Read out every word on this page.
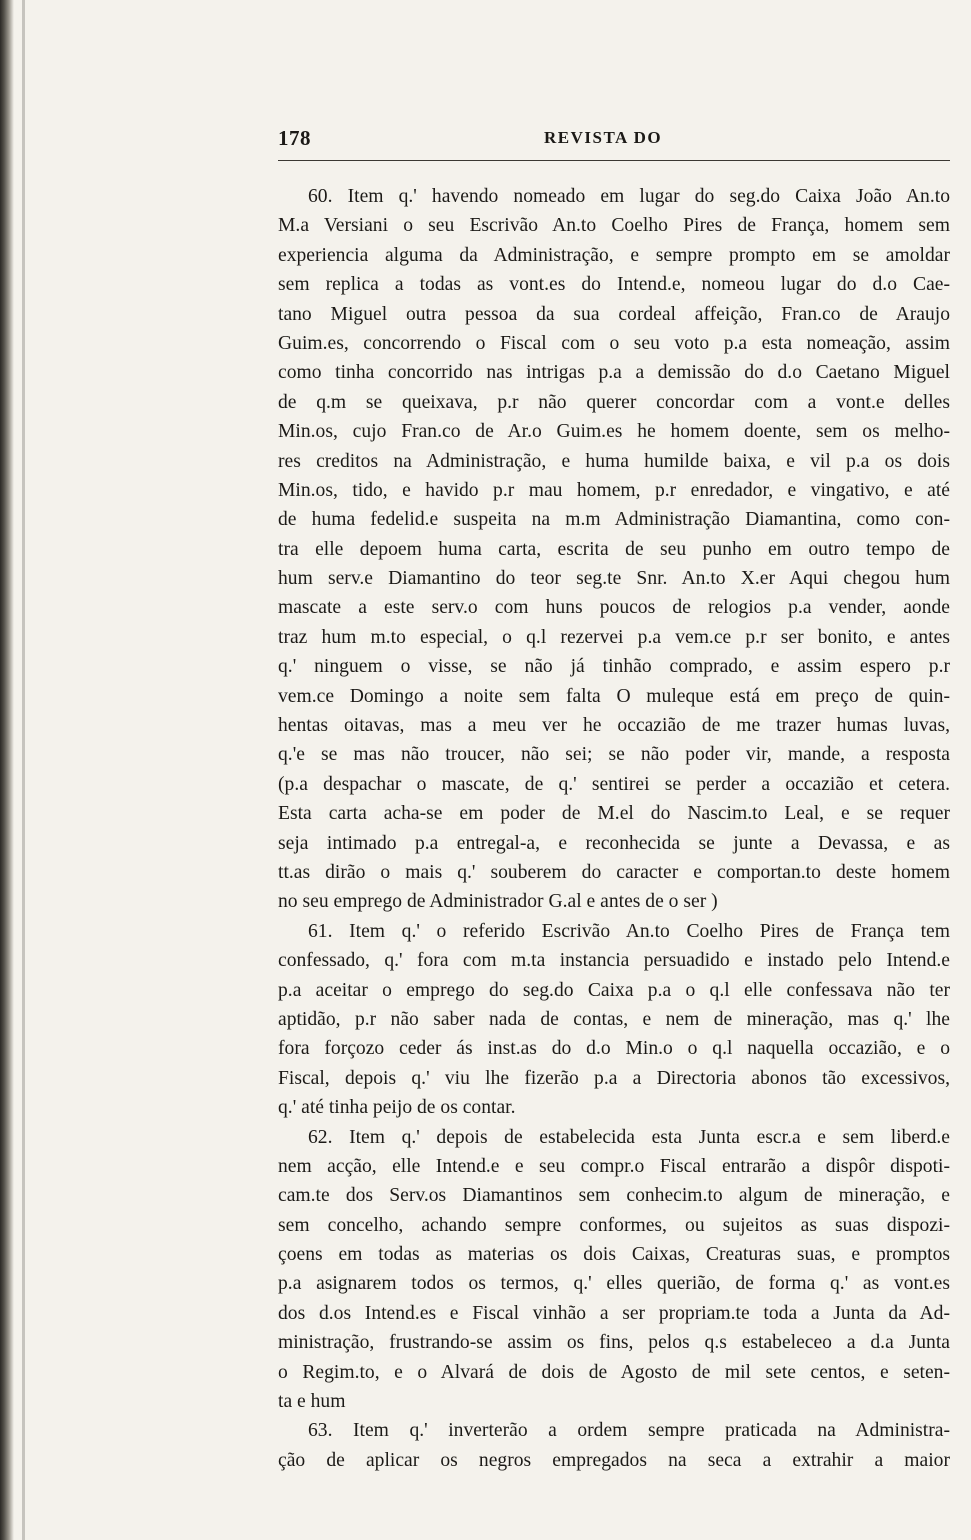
178	REVISTA DO
60. Item q.' havendo nomeado em lugar do seg.do Caixa João An.to
M.a Versiani o seu Escrivão An.to Coelho Pires de França, homem sem
experiencia alguma da Administração, e sempre prompto em se amoldar
sem replica a todas as vont.es do Intend.e, nomeou lugar do d.o Cae-
tano Miguel outra pessoa da sua cordeal affeição, Fran.co de Araujo
Guim.es, concorrendo o Fiscal com o seu voto p.a esta nomeação, assim
como tinha concorrido nas intrigas p.a a demissão do d.o Caetano Miguel
de q.m se queixava, p.r não querer concordar com a vont.e delles
Min.os, cujo Fran.co de Ar.o Guim.es he homem doente, sem os melho-
res creditos na Administração, e huma humilde baixa, e vil p.a os dois
Min.os, tido, e havido p.r mau homem, p.r enredador, e vingativo, e até
de huma fedelid.e suspeita na m.m Administração Diamantina, como con-
tra elle depoem huma carta, escrita de seu punho em outro tempo de
hum serv.e Diamantino do teor seg.te Snr. An.to X.er Aqui chegou hum
mascate a este serv.o com huns poucos de relogios p.a vender, aonde
traz hum m.to especial, o q.l rezervei p.a vem.ce p.r ser bonito, e antes
q.' ninguem o visse, se não já tinhão comprado, e assim espero p.r
vem.ce Domingo a noite sem falta O muleque está em preço de quin-
hentas oitavas, mas a meu ver he occazião de me trazer humas luvas,
q.'e se mas não troucer, não sei; se não poder vir, mande, a resposta
(p.a despachar o mascate, de q.' sentirei se perder a occazião et cetera.
Esta carta acha-se em poder de M.el do Nascim.to Leal, e se requer
seja intimado p.a entregal-a, e reconhecida se junte a Devassa, e as
tt.as dirão o mais q.' souberem do caracter e comportan.to deste homem
no seu emprego de Administrador G.al e antes de o ser )
61. Item q.' o referido Escrivão An.to Coelho Pires de França tem
confessado, q.' fora com m.ta instancia persuadido e instado pelo Intend.e
p.a aceitar o emprego do seg.do Caixa p.a o q.l elle confessava não ter
aptidão, p.r não saber nada de contas, e nem de mineração, mas q.' lhe
fora forçozo ceder ás inst.as do d.o Min.o o q.l naquella occazião, e o
Fiscal, depois q.' viu lhe fizerão p.a a Directoria abonos tão excessivos,
q.' até tinha peijo de os contar.
62. Item q.' depois de estabelecida esta Junta escr.a e sem liberd.e
nem acção, elle Intend.e e seu compr.o Fiscal entrarão a dispôr dispoti-
cam.te dos Serv.os Diamantinos sem conhecim.to algum de mineração, e
sem concelho, achando sempre conformes, ou sujeitos as suas dispozi-
çoens em todas as materias os dois Caixas, Creaturas suas, e promptos
p.a asignarem todos os termos, q.' elles querião, de forma q.' as vont.es
dos d.os Intend.es e Fiscal vinhão a ser propriam.te toda a Junta da Ad-
ministração, frustrando-se assim os fins, pelos q.s estabeleceo a d.a Junta
o Regim.to, e o Alvará de dois de Agosto de mil sete centos, e seten-
ta e hum
63. Item q.' inverterão a ordem sempre praticada na Administra-
ção de aplicar os negros empregados na seca a extrahir a maior
